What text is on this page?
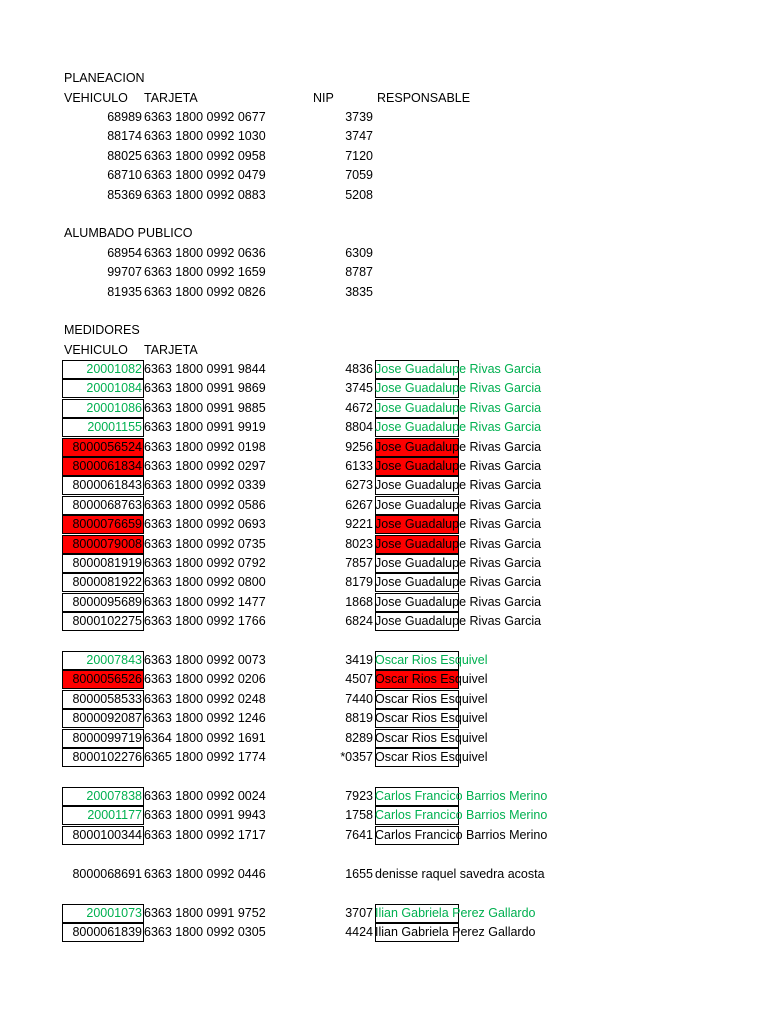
PLANEACION
VEHICULO TARJETA	NIP	RESPONSABLE
68989 6363 1800 0992 0677	3739
88174 6363 1800 0992 1030	3747
88025 6363 1800 0992 0958	7120
68710 6363 1800 0992 0479	7059
85369 6363 1800 0992 0883	5208
ALUMBADO PUBLICO
68954 6363 1800 0992 0636	6309
99707 6363 1800 0992 1659	8787
81935 6363 1800 0992 0826	3835
MEDIDORES
VEHICULO TARJETA
20001082 6363 1800 0991 9844	4836 Jose Guadalupe Rivas Garcia
20001084 6363 1800 0991 9869	3745 Jose Guadalupe Rivas Garcia
20001086 6363 1800 0991 9885	4672 Jose Guadalupe Rivas Garcia
20001155 6363 1800 0991 9919	8804 Jose Guadalupe Rivas Garcia
8000056524 6363 1800 0992 0198	9256 Jose Guadalupe Rivas Garcia
8000061834 6363 1800 0992 0297	6133 Jose Guadalupe Rivas Garcia
8000061843 6363 1800 0992 0339	6273 Jose Guadalupe Rivas Garcia
8000068763 6363 1800 0992 0586	6267 Jose Guadalupe Rivas Garcia
8000076659 6363 1800 0992 0693	9221 Jose Guadalupe Rivas Garcia
8000079008 6363 1800 0992 0735	8023 Jose Guadalupe Rivas Garcia
8000081919 6363 1800 0992 0792	7857 Jose Guadalupe Rivas Garcia
8000081922 6363 1800 0992 0800	8179 Jose Guadalupe Rivas Garcia
8000095689 6363 1800 0992 1477	1868 Jose Guadalupe Rivas Garcia
8000102275 6363 1800 0992 1766	6824 Jose Guadalupe Rivas Garcia
20007843 6363 1800 0992 0073	3419 Oscar Rios Esquivel
8000056526 6363 1800 0992 0206	4507 Oscar Rios Esquivel
8000058533 6363 1800 0992 0248	7440 Oscar Rios Esquivel
8000092087 6363 1800 0992 1246	8819 Oscar Rios Esquivel
8000099719 6364 1800 0992 1691	8289 Oscar Rios Esquivel
8000102276 6365 1800 0992 1774	*0357 Oscar Rios Esquivel
20007838 6363 1800 0992 0024	7923 Carlos Francico Barrios Merino
20001177 6363 1800 0991 9943	1758 Carlos Francico Barrios Merino
8000100344 6363 1800 0992 1717	7641 Carlos Francico Barrios Merino
8000068691 6363 1800 0992 0446	1655 denisse raquel savedra acosta
20001073 6363 1800 0991 9752	3707 Ilian Gabriela Perez Gallardo
8000061839 6363 1800 0992 0305	4424 Ilian Gabriela Perez Gallardo
